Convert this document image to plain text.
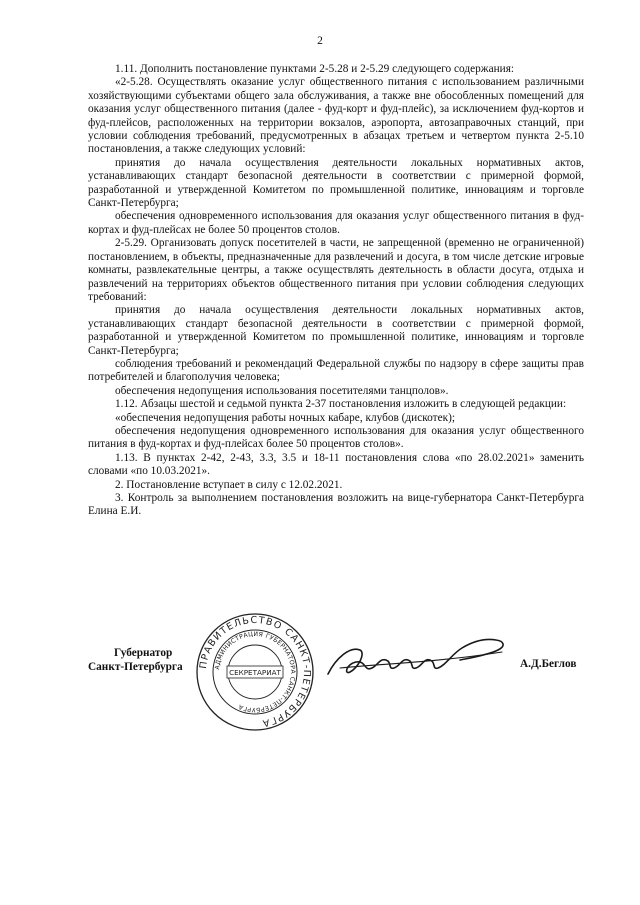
2

1.11. Дополнить постановление пунктами 2-5.28 и 2-5.29 следующего содержания:

«2-5.28. Осуществлять оказание услуг общественного питания с использованием различными хозяйствующими субъектами общего зала обслуживания, а также вне обособленных помещений для оказания услуг общественного питания (далее - фуд-корт и фуд-плейс), за исключением фуд-кортов и фуд-плейсов, расположенных на территории вокзалов, аэропорта, автозаправочных станций, при условии соблюдения требований, предусмотренных в абзацах третьем и четвертом пункта 2-5.10 постановления, а также следующих условий:

принятия до начала осуществления деятельности локальных нормативных актов, устанавливающих стандарт безопасной деятельности в соответствии с примерной формой, разработанной и утвержденной Комитетом по промышленной политике, инновациям и торговле Санкт-Петербурга;

обеспечения одновременного использования для оказания услуг общественного питания в фуд-кортах и фуд-плейсах не более 50 процентов столов.

2-5.29. Организовать допуск посетителей в части, не запрещенной (временно не ограниченной) постановлением, в объекты, предназначенные для развлечений и досуга, в том числе детские игровые комнаты, развлекательные центры, а также осуществлять деятельность в области досуга, отдыха и развлечений на территориях объектов общественного питания при условии соблюдения следующих требований:

принятия до начала осуществления деятельности локальных нормативных актов, устанавливающих стандарт безопасной деятельности в соответствии с примерной формой, разработанной и утвержденной Комитетом по промышленной политике, инновациям и торговле Санкт-Петербурга;

соблюдения требований и рекомендаций Федеральной службы по надзору в сфере защиты прав потребителей и благополучия человека;

обеспечения недопущения использования посетителями танцполов».

1.12. Абзацы шестой и седьмой пункта 2-37 постановления изложить в следующей редакции:

«обеспечения недопущения работы ночных кабаре, клубов (дискотек);

обеспечения недопущения одновременного использования для оказания услуг общественного питания в фуд-кортах и фуд-плейсах более 50 процентов столов».

1.13. В пунктах 2-42, 2-43, 3.3, 3.5 и 18-11 постановления слова «по 28.02.2021» заменить словами «по 10.03.2021».

2. Постановление вступает в силу с 12.02.2021.

3. Контроль за выполнением постановления возложить на вице-губернатора Санкт-Петербурга Елина Е.И.

Губернатор
Санкт-Петербурга ПРАВИТЕЛЬСТВО САНКТ-ПЕТЕРБУРГА
АДМИНИСТРАЦИЯ ГУБЕРНАТОРА САНКТ-ПЕТЕРБУРГА
СЕКРЕТАРИАТ
А.Д.Беглов
